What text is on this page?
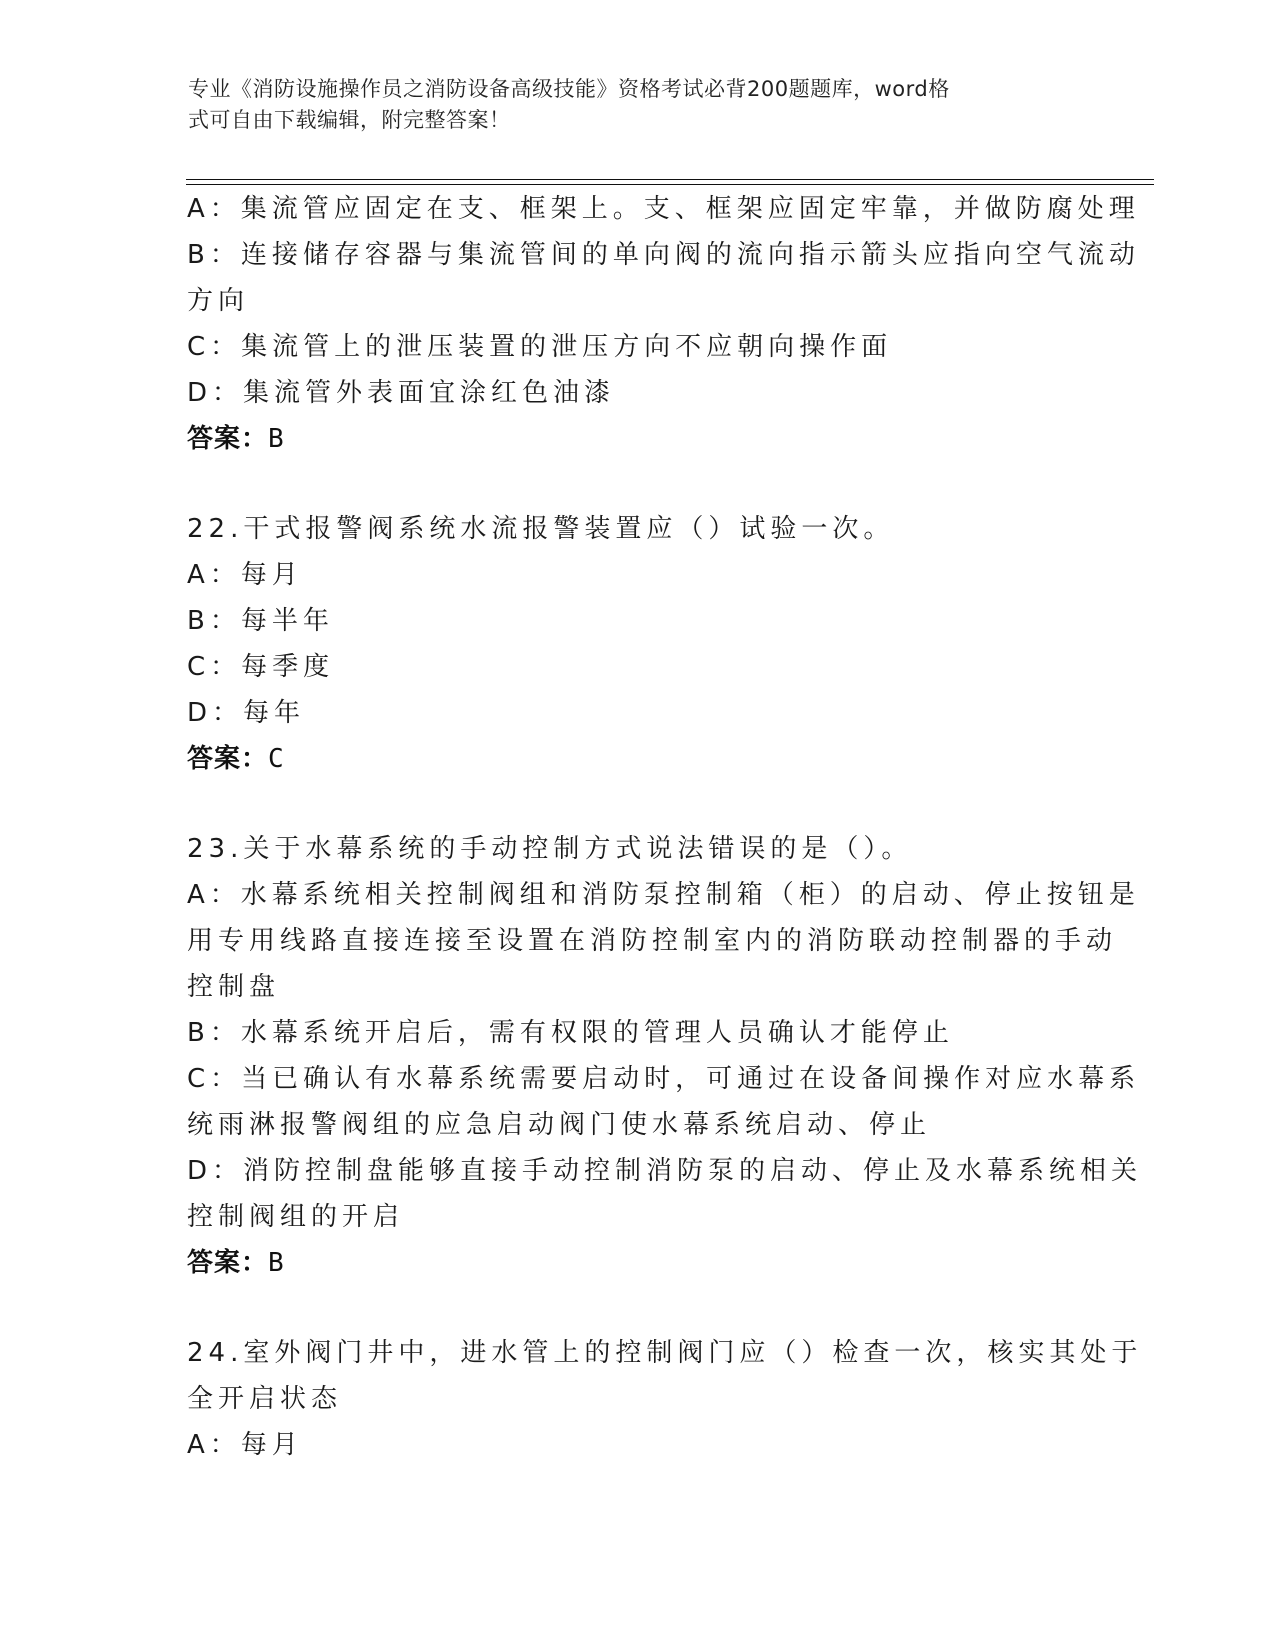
专业《消防设施操作员之消防设备高级技能》资格考试必背200题题库，word格
式可自由下载编辑，附完整答案！
A：集流管应固定在支、框架上。支、框架应固定牢靠，并做防腐处理
B：连接储存容器与集流管间的单向阀的流向指示箭头应指向空气流动
方向
C：集流管上的泄压装置的泄压方向不应朝向操作面
D：集流管外表面宜涂红色油漆
答案：B
22.干式报警阀系统水流报警装置应（）试验一次。
A：每月
B：每半年
C：每季度
D：每年
答案：C
23.关于水幕系统的手动控制方式说法错误的是（）。
A：水幕系统相关控制阀组和消防泵控制箱（柜）的启动、停止按钮是
用专用线路直接连接至设置在消防控制室内的消防联动控制器的手动
控制盘
B：水幕系统开启后，需有权限的管理人员确认才能停止
C：当已确认有水幕系统需要启动时，可通过在设备间操作对应水幕系
统雨淋报警阀组的应急启动阀门使水幕系统启动、停止
D：消防控制盘能够直接手动控制消防泵的启动、停止及水幕系统相关
控制阀组的开启
答案：B
24.室外阀门井中，进水管上的控制阀门应（）检查一次，核实其处于
全开启状态
A：每月
